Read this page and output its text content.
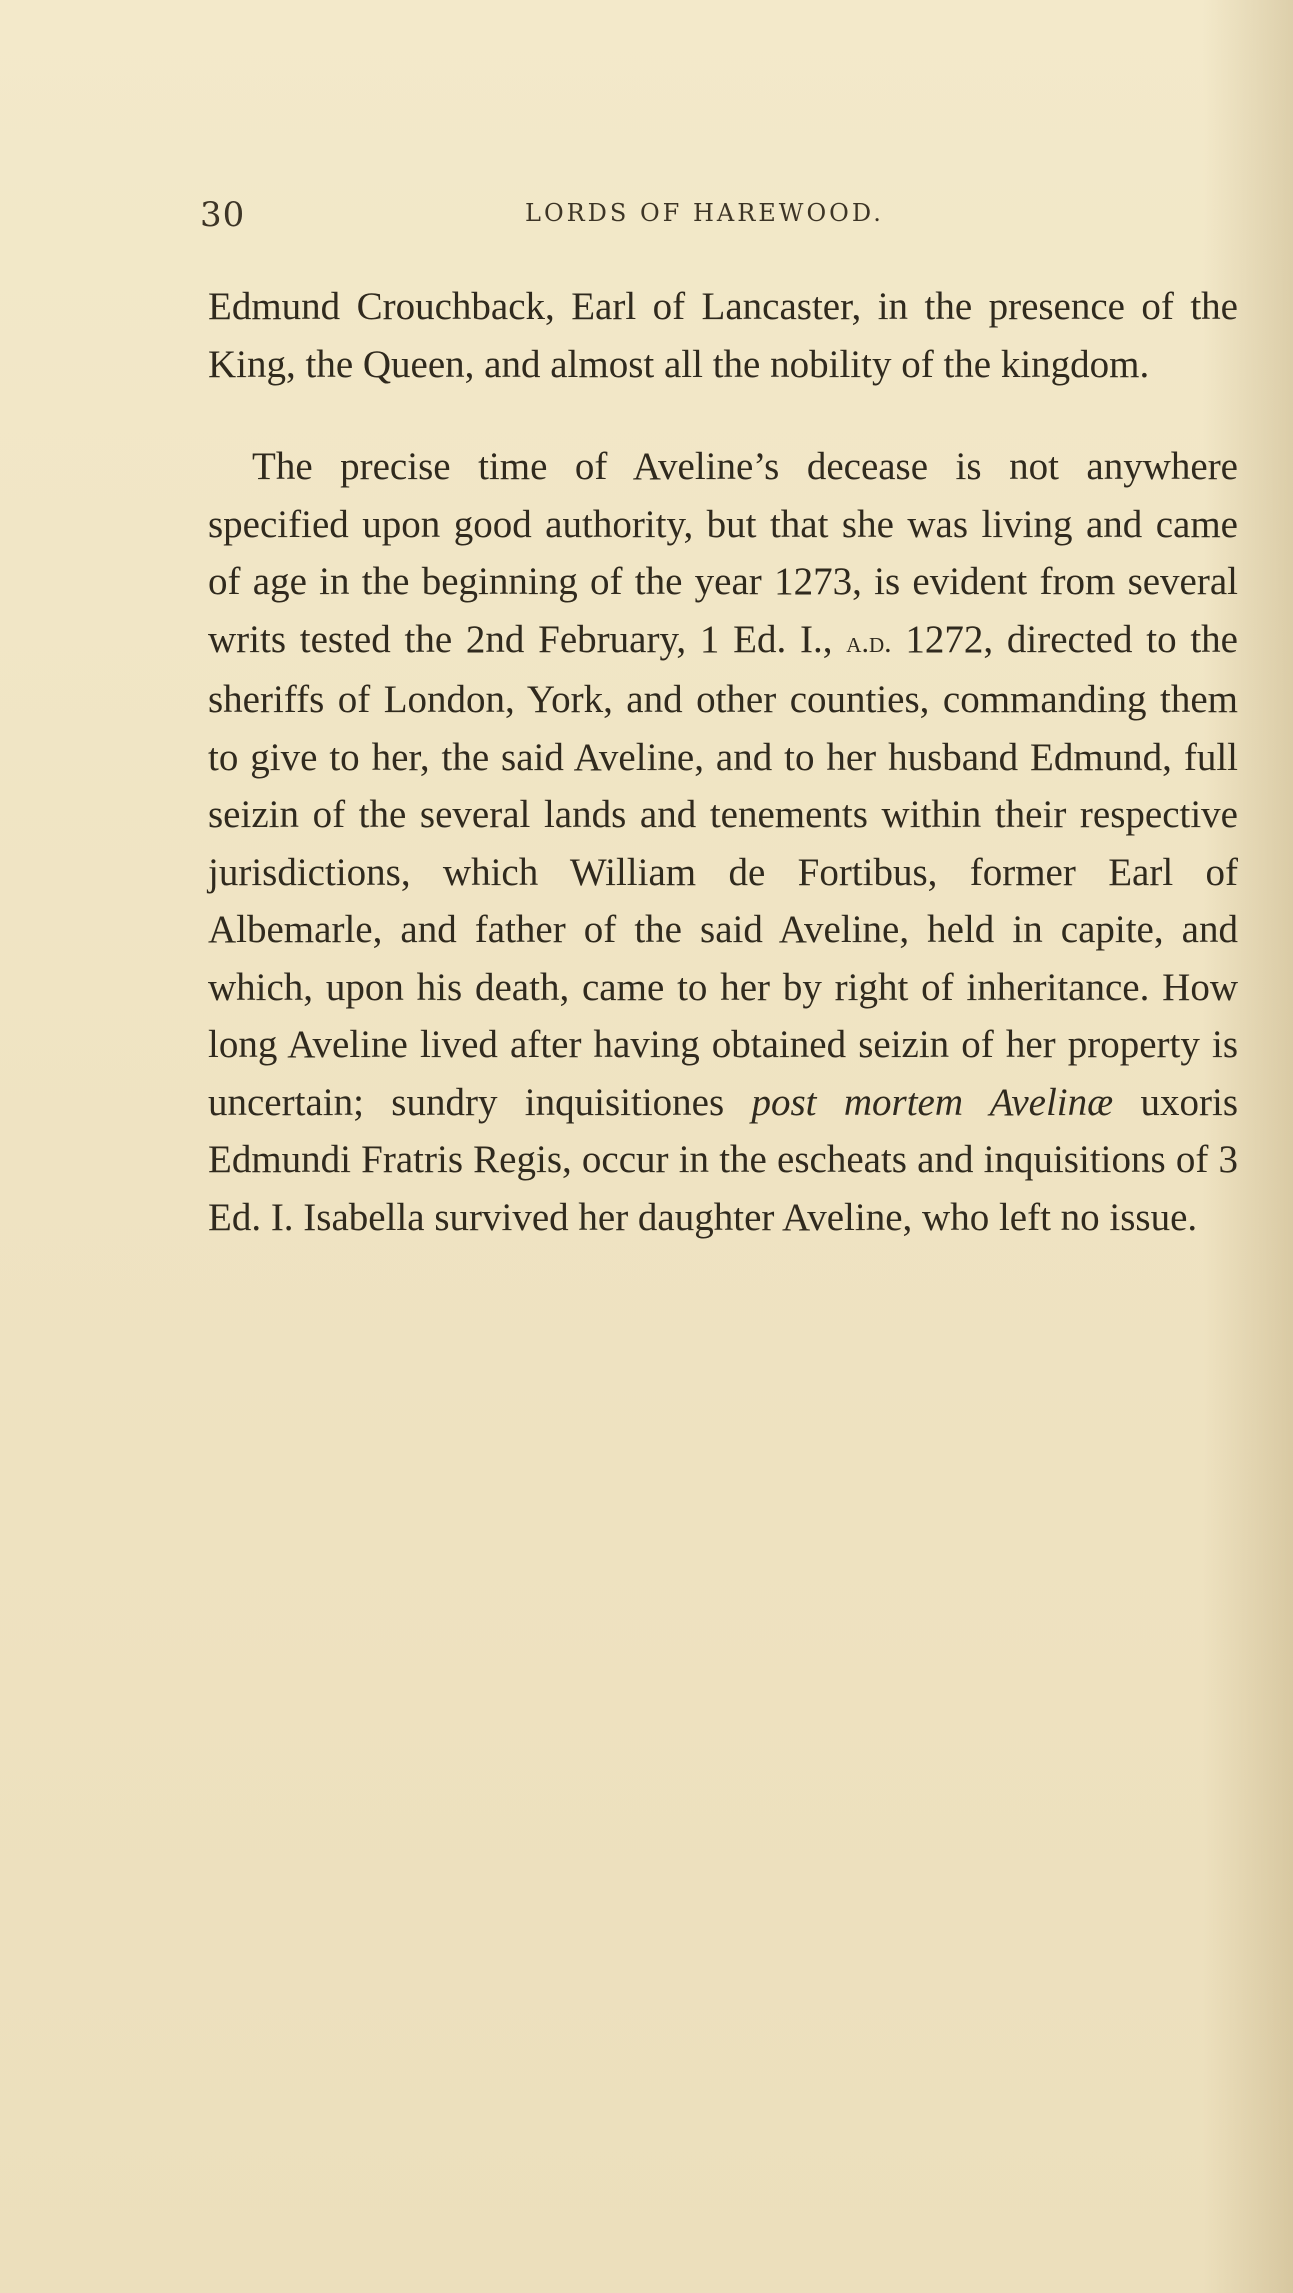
30	LORDS OF HAREWOOD.

Edmund Crouchback, Earl of Lancaster, in the presence of the King, the Queen, and almost all the nobility of the kingdom.

The precise time of Aveline’s decease is not anywhere specified upon good authority, but that she was living and came of age in the beginning of the year 1273, is evident from several writs tested the 2nd February, 1 Ed. I., a.d. 1272, directed to the sheriffs of London, York, and other counties, commanding them to give to her, the said Aveline, and to her husband Edmund, full seizin of the several lands and tenements within their respective jurisdictions, which William de Fortibus, former Earl of Albemarle, and father of the said Aveline, held in capite, and which, upon his death, came to her by right of inheritance. How long Aveline lived after having obtained seizin of her property is uncertain; sundry inquisitiones post mortem Avelinæ uxoris Edmundi Fratris Regis, occur in the escheats and inquisitions of 3 Ed. I. Isabella survived her daughter Aveline, who left no issue.
